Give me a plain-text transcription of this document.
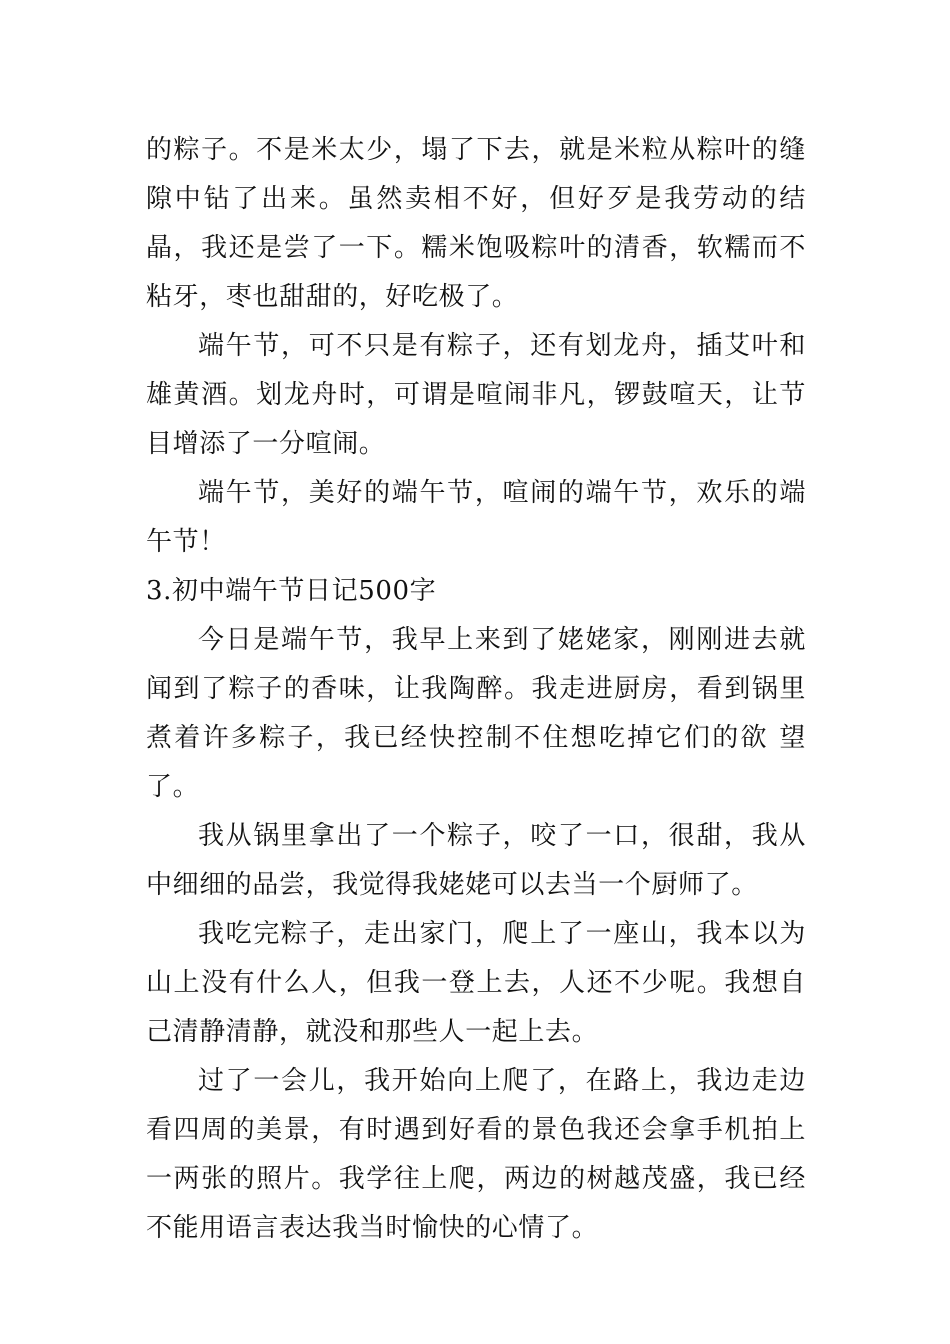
的粽子。不是米太少，塌了下去，就是米粒从粽叶的缝隙中钻了出来。虽然卖相不好，但好歹是我劳动的结晶，我还是尝了一下。糯米饱吸粽叶的清香，软糯而不粘牙，枣也甜甜的，好吃极了。

端午节，可不只是有粽子，还有划龙舟，插艾叶和雄黄酒。划龙舟时，可谓是喧闹非凡，锣鼓喧天，让节目增添了一分喧闹。

端午节，美好的端午节，喧闹的端午节，欢乐的端午节！

3.初中端午节日记500字

今日是端午节，我早上来到了姥姥家，刚刚进去就闻到了粽子的香味，让我陶醉。我走进厨房，看到锅里煮着许多粽子，我已经快控制不住想吃掉它们的欲 望了。

我从锅里拿出了一个粽子，咬了一口，很甜，我从中细细的品尝，我觉得我姥姥可以去当一个厨师了。

我吃完粽子，走出家门，爬上了一座山，我本以为山上没有什么人，但我一登上去，人还不少呢。我想自己清静清静，就没和那些人一起上去。

过了一会儿，我开始向上爬了，在路上，我边走边看四周的美景，有时遇到好看的景色我还会拿手机拍上一两张的照片。我学往上爬，两边的树越茂盛，我已经不能用语言表达我当时愉快的心情了。
